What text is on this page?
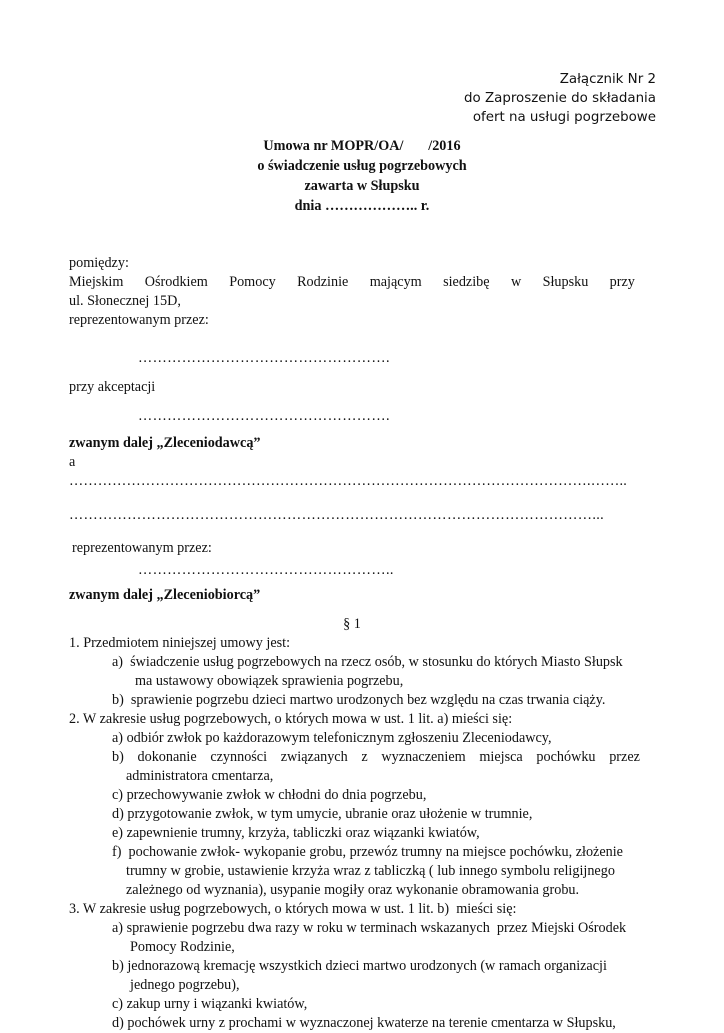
Załącznik Nr 2
do Zaproszenie do składania
ofert na usługi pogrzebowe
Umowa nr MOPR/OA/       /2016
o świadczenie usług pogrzebowych
zawarta w Słupsku
dnia ……………….. r.
pomiędzy:
Miejskim Ośrodkiem Pomocy Rodzinie mającym siedzibę w Słupsku przy
ul. Słonecznej 15D,
reprezentowanym przez:
…………………………………………….
przy akceptacji
…………………………………………….
zwanym dalej „Zleceniodawcą”
a
……………………………………………………………………………………………….……..
………………………………………………………………………………………………...
reprezentowanym przez:
……………………………………………..
zwanym dalej „Zleceniobiorcą”
§ 1
1. Przedmiotem niniejszej umowy jest:
a)  świadczenie usług pogrzebowych na rzecz osób, w stosunku do których Miasto Słupsk
ma ustawowy obowiązek sprawienia pogrzebu,
b)  sprawienie pogrzebu dzieci martwo urodzonych bez względu na czas trwania ciąży.
2. W zakresie usług pogrzebowych, o których mowa w ust. 1 lit. a) mieści się:
a) odbiór zwłok po każdorazowym telefonicznym zgłoszeniu Zleceniodawcy,
b) dokonanie czynności związanych z wyznaczeniem miejsca pochówku przez
administratora cmentarza,
c) przechowywanie zwłok w chłodni do dnia pogrzebu,
d) przygotowanie zwłok, w tym umycie, ubranie oraz ułożenie w trumnie,
e) zapewnienie trumny, krzyża, tabliczki oraz wiązanki kwiatów,
f)  pochowanie zwłok- wykopanie grobu, przewóz trumny na miejsce pochówku, złożenie
trumny w grobie, ustawienie krzyża wraz z tabliczką ( lub innego symbolu religijnego
zależnego od wyznania), usypanie mogiły oraz wykonanie obramowania grobu.
3. W zakresie usług pogrzebowych, o których mowa w ust. 1 lit. b)  mieści się:
a) sprawienie pogrzebu dwa razy w roku w terminach wskazanych  przez Miejski Ośrodek
Pomocy Rodzinie,
b) jednorazową kremację wszystkich dzieci martwo urodzonych (w ramach organizacji
jednego pogrzebu),
c) zakup urny i wiązanki kwiatów,
d) pochówek urny z prochami w wyznaczonej kwaterze na terenie cmentarza w Słupsku,
